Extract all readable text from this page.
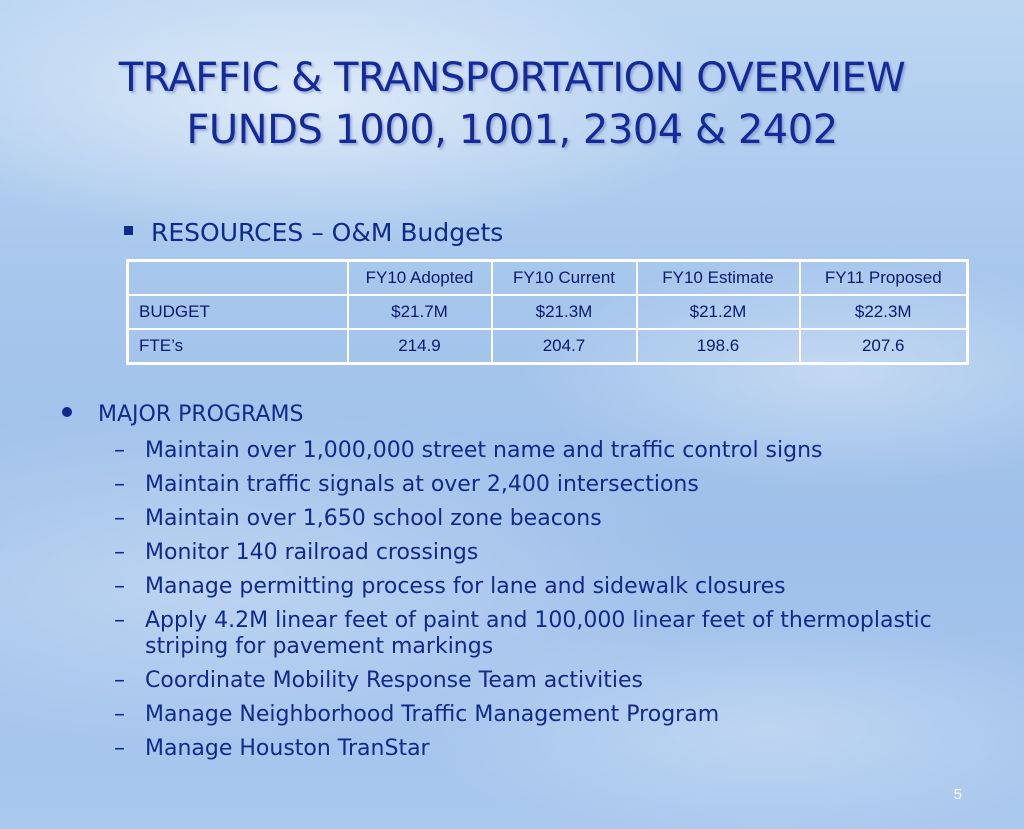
TRAFFIC & TRANSPORTATION OVERVIEW
FUNDS 1000, 1001, 2304 & 2402
RESOURCES – O&M Budgets
	FY10 Adopted	FY10 Current	FY10 Estimate	FY11 Proposed
BUDGET	$21.7M	$21.3M	$21.2M	$22.3M
FTE’s	214.9	204.7	198.6	207.6
MAJOR PROGRAMS
– Maintain over 1,000,000 street name and traffic control signs
– Maintain traffic signals at over 2,400 intersections
– Maintain over 1,650 school zone beacons
– Monitor 140 railroad crossings
– Manage permitting process for lane and sidewalk closures
– Apply 4.2M linear feet of paint and 100,000 linear feet of thermoplastic striping for pavement markings
– Coordinate Mobility Response Team activities
– Manage Neighborhood Traffic Management Program
– Manage Houston TranStar
5
